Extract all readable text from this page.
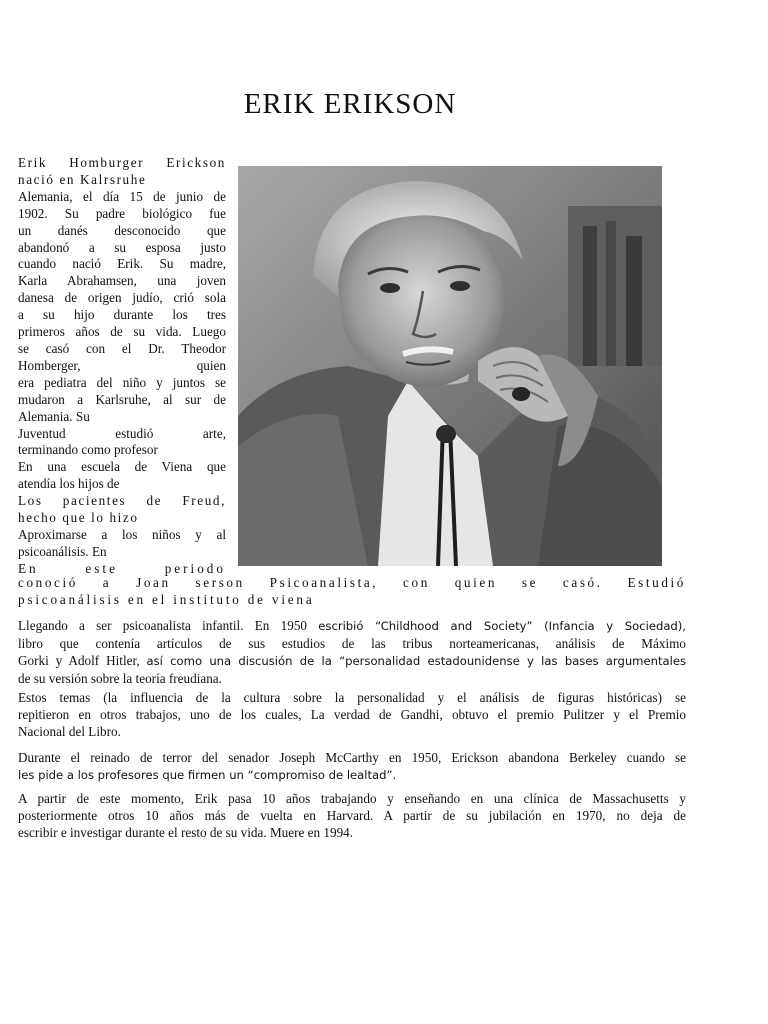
ERIK ERIKSON
Erik Homburger Erickson
nació en Kalrsruhe
Alemania, el día 15 de junio de
1902. Su padre biológico fue
un danés desconocido que
abandonó a su esposa justo
cuando nació Erik. Su madre,
Karla Abrahamsen, una joven
danesa de origen judío, crió sola
a su hijo durante los tres
primeros años de su vida. Luego
se casó con el Dr. Theodor
Homberger, quien
era pediatra del niño y juntos se
mudaron a Karlsruhe, al sur de
Alemania. Su
Juventud estudió arte,
terminando como profesor
En una escuela de Viena que
atendía los hijos de
Los pacientes de Freud,
hecho que lo hizo
Aproximarse a los niños y al
psicoanálisis. En
En este periodo
conoció a Joan serson Psicoanalista, con quien se casó. Estudió
psicoanálisis en el instituto de viena
Llegando a ser psicoanalista infantil. En 1950 escribió “Childhood and Society” (Infancia y Sociedad),
libro que contenía artículos de sus estudios de las tribus norteamericanas, análisis de Máximo
Gorki y Adolf Hitler, así como una discusión de la “personalidad estadounidense y las bases argumentales
de su versión sobre la teoría freudiana.
Estos temas (la influencia de la cultura sobre la personalidad y el análisis de figuras históricas) se
repitieron en otros trabajos, uno de los cuales, La verdad de Gandhi, obtuvo el premio Pulitzer y el Premio
Nacional del Libro.
Durante el reinado de terror del senador Joseph McCarthy en 1950, Erickson abandona Berkeley cuando se
les pide a los profesores que firmen un “compromiso de lealtad”.
A partir de este momento, Erik pasa 10 años trabajando y enseñando en una clínica de Massachusetts y
posteriormente otros 10 años más de vuelta en Harvard. A partir de su jubilación en 1970, no deja de
escribir e investigar durante el resto de su vida. Muere en 1994.
